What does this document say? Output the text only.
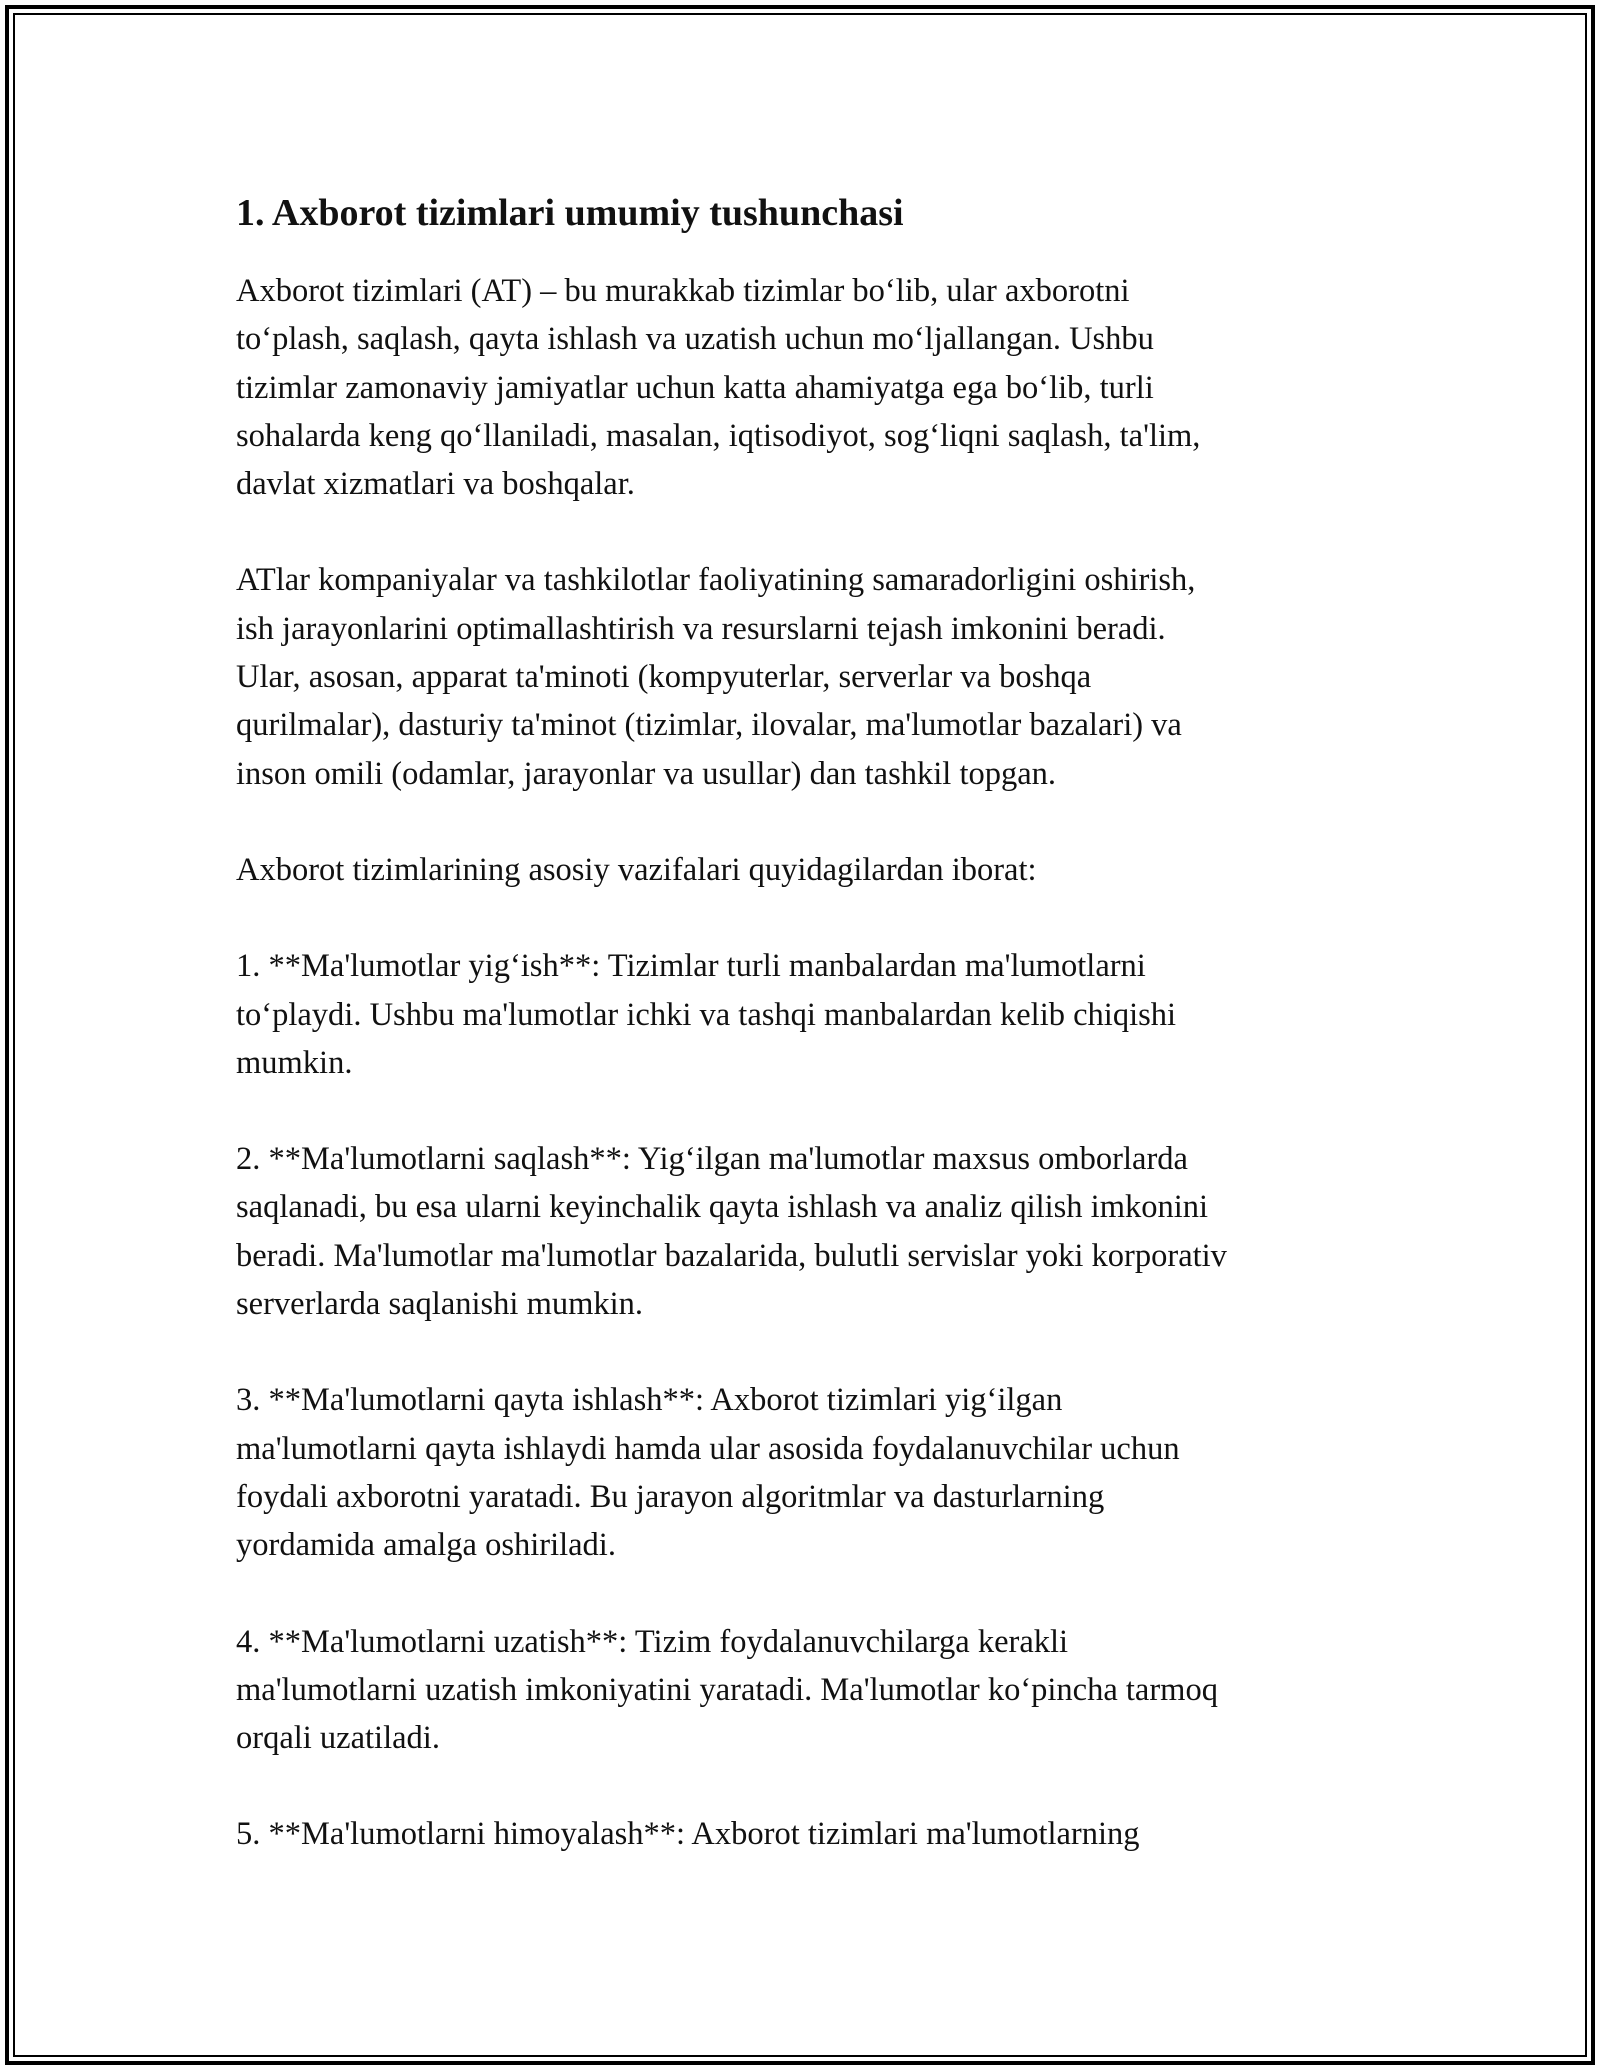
1. Axborot tizimlari umumiy tushunchasi

Axborot tizimlari (AT) – bu murakkab tizimlar bo‘lib, ular axborotni
to‘plash, saqlash, qayta ishlash va uzatish uchun mo‘ljallangan. Ushbu
tizimlar zamonaviy jamiyatlar uchun katta ahamiyatga ega bo‘lib, turli
sohalarda keng qo‘llaniladi, masalan, iqtisodiyot, sog‘liqni saqlash, ta'lim,
davlat xizmatlari va boshqalar.

ATlar kompaniyalar va tashkilotlar faoliyatining samaradorligini oshirish,
ish jarayonlarini optimallashtirish va resurslarni tejash imkonini beradi.
Ular, asosan, apparat ta'minoti (kompyuterlar, serverlar va boshqa
qurilmalar), dasturiy ta'minot (tizimlar, ilovalar, ma'lumotlar bazalari) va
inson omili (odamlar, jarayonlar va usullar) dan tashkil topgan.

Axborot tizimlarining asosiy vazifalari quyidagilardan iborat:

1. **Ma'lumotlar yig‘ish**: Tizimlar turli manbalardan ma'lumotlarni
to‘playdi. Ushbu ma'lumotlar ichki va tashqi manbalardan kelib chiqishi
mumkin.

2. **Ma'lumotlarni saqlash**: Yig‘ilgan ma'lumotlar maxsus omborlarda
saqlanadi, bu esa ularni keyinchalik qayta ishlash va analiz qilish imkonini
beradi. Ma'lumotlar ma'lumotlar bazalarida, bulutli servislar yoki korporativ
serverlarda saqlanishi mumkin.

3. **Ma'lumotlarni qayta ishlash**: Axborot tizimlari yig‘ilgan
ma'lumotlarni qayta ishlaydi hamda ular asosida foydalanuvchilar uchun
foydali axborotni yaratadi. Bu jarayon algoritmlar va dasturlarning
yordamida amalga oshiriladi.

4. **Ma'lumotlarni uzatish**: Tizim foydalanuvchilarga kerakli
ma'lumotlarni uzatish imkoniyatini yaratadi. Ma'lumotlar ko‘pincha tarmoq
orqali uzatiladi.

5. **Ma'lumotlarni himoyalash**: Axborot tizimlari ma'lumotlarning
